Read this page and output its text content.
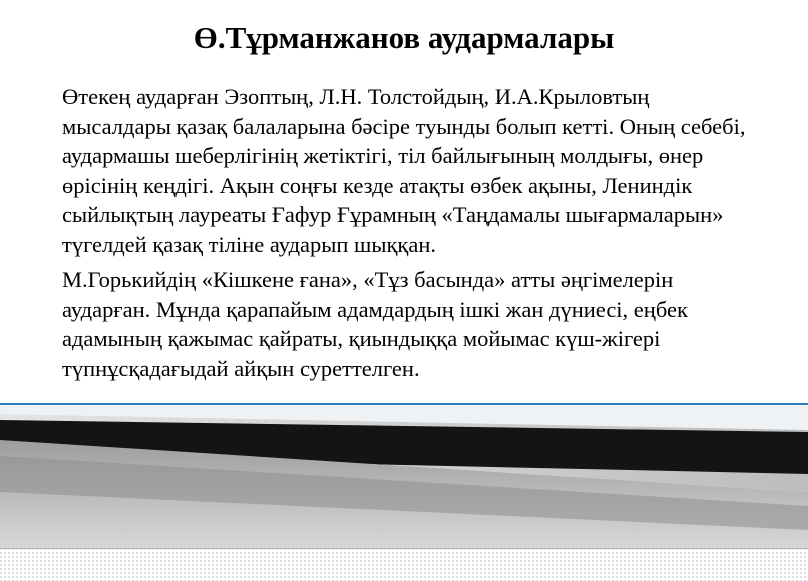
Ө.Тұрманжанов аудармалары

Өтекең аударған Эзоптың, Л.Н. Толстойдың, И.А.Крыловтың мысалдары қазақ балаларына бәсіре туынды болып кетті. Оның себебі, аудармашы шеберлігінің жетіктігі, тіл байлығының молдығы, өнер өрісінің кеңдігі. Ақын соңғы кезде атақты өзбек ақыны, Лениндік сыйлықтың лауреаты Ғафур Ғұрамның «Таңдамалы шығармаларын» түгелдей қазақ тіліне аударып шыққан.

М.Горькийдің «Кішкене ғана», «Тұз басында» атты әңгімелерін аударған. Мұнда қарапайым адамдардың ішкі жан дүниесі, еңбек адамының қажымас қайраты, қиындыққа мойымас күш-жігері түпнұсқадағыдай айқын суреттелген.
